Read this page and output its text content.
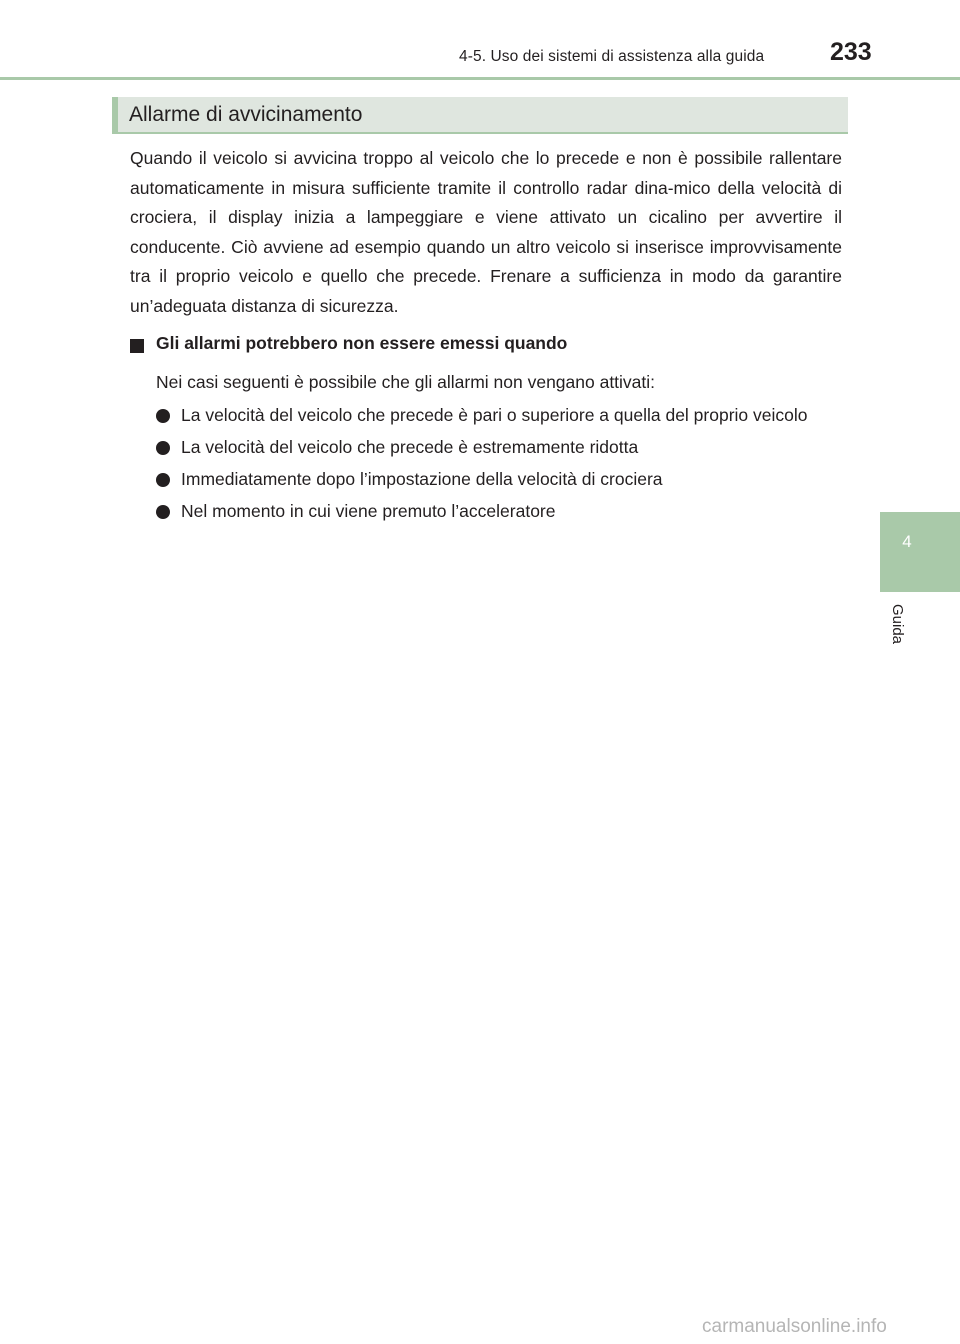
4-5. Uso dei sistemi di assistenza alla guida	233
4
Guida
Allarme di avvicinamento

Quando il veicolo si avvicina troppo al veicolo che lo precede e non è possibile rallentare automaticamente in misura sufficiente tramite il controllo radar dina-mico della velocità di crociera, il display inizia a lampeggiare e viene attivato un cicalino per avvertire il conducente. Ciò avviene ad esempio quando un altro veicolo si inserisce improvvisamente tra il proprio veicolo e quello che precede. Frenare a sufficienza in modo da garantire un’adeguata distanza di sicurezza.

Gli allarmi potrebbero non essere emessi quando
Nei casi seguenti è possibile che gli allarmi non vengano attivati:
La velocità del veicolo che precede è pari o superiore a quella del proprio veicolo
La velocità del veicolo che precede è estremamente ridotta
Immediatamente dopo l’impostazione della velocità di crociera
Nel momento in cui viene premuto l’acceleratore
carmanualsonline.info
